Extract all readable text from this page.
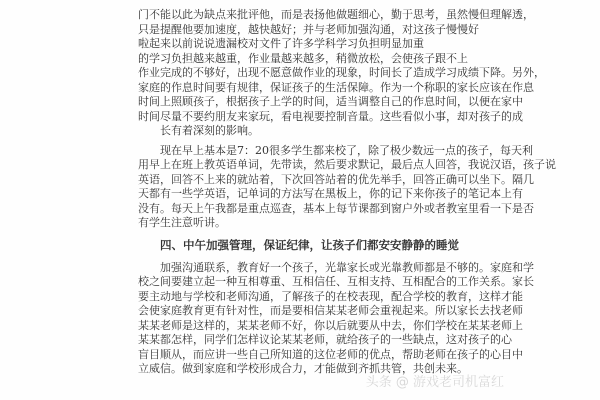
门不能以此为缺点来批评他，而是表扬他做题细心，勤于思考，虽然慢但理解透，
只是提醒他要加速度，越快越好；并与老师加强沟通，对这孩子慢慢好
啦起来以前说说遗漏校对文件了许多学科学习负担明显加重
的学习负担越来越重，作业量越来越多，稍微放松，会使孩子跟不上
作业完成的不够好，出现不愿意做作业的现象，时间长了造成学习成绩下降。另外，
家庭的作息时间要有规律，保证孩子的生活保障。作为一个称职的家长应该在作息
时间上照顾孩子，根据孩子上学的时间，适当调整自己的作息时间，以便在家中
时间尽量不要约朋友来家玩，看电视要控制音量。这些看似小事，却对孩子的成
长有着深刻的影响。
现在早上基本是7：20很多学生都来校了，除了极少数远一点的孩子，每天利
用早上在班上教英语单词，先带读，然后要求默记，最后点人回答，我说汉语，孩子说
英语，回答不上来的就站着，下次回答站着的优先举手，回答正确可以坐下。隔几
天都有一些学英语，记单词的方法写在黑板上，你的记下来你孩子的笔记本上有
没有。每天上午我都是重点巡查，基本上每节课都到窗户外或者教室里看一下是否
有学生注意听讲。
四、中午加强管理，保证纪律，让孩子们都安安静静的睡觉
加强沟通联系，教育好一个孩子，光靠家长或光靠教师都是不够的。家庭和学
校之间要建立起一种互相尊重、互相信任、互相支持、互相配合的工作关系。家长
要主动地与学校和老师沟通，了解孩子的在校表现，配合学校的教育，这样才能
会使家庭教育更有针对性，而是要相信某某老师会重视起来。所以家长去找老师
某某老师是这样的，某某老师不好，你以后就要从中去，你们学校在某某老师上
某某都怎样，同学们怎样议论某某老师，就给孩子的一些缺点，这对孩子的心
盲目顺从，而应讲一些自己所知道的这位老师的优点，帮助老师在孩子的心目中
立威信。做到家庭和学校形成合力，才能做到齐抓共管，共创未来。
头条 @ 游戏老司机富红
